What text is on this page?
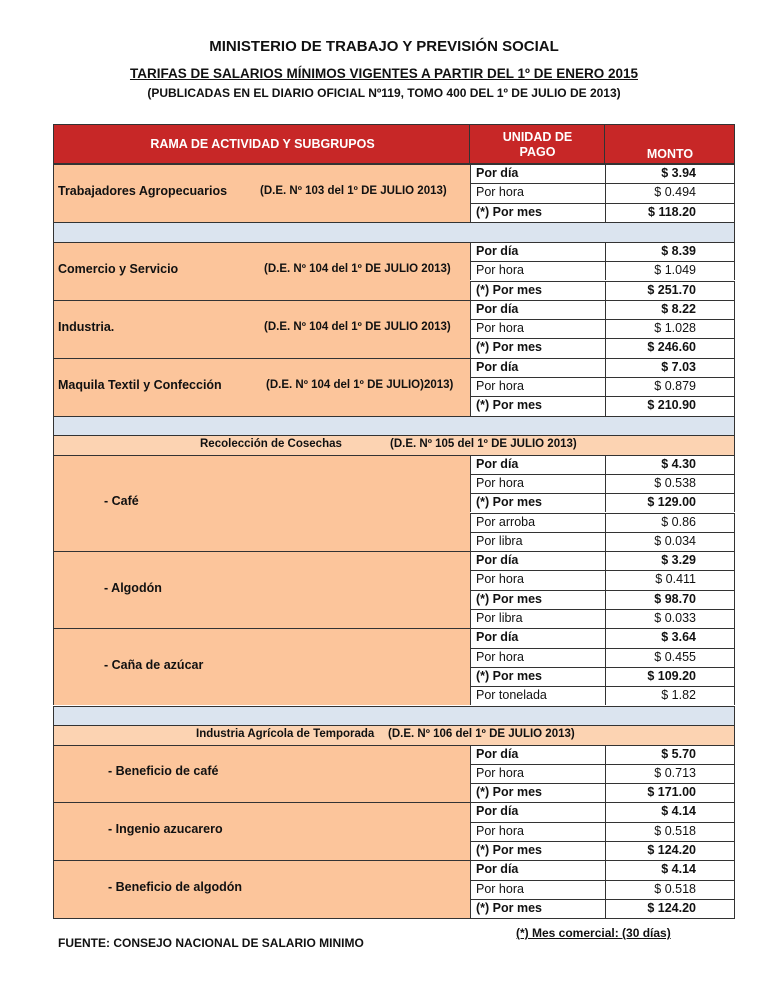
MINISTERIO DE TRABAJO Y PREVISIÓN SOCIAL
TARIFAS DE SALARIOS MÍNIMOS VIGENTES A PARTIR DEL 1º DE ENERO 2015
(PUBLICADAS EN EL DIARIO OFICIAL Nº119, TOMO 400 DEL 1º DE JULIO DE 2013)
RAMA DE ACTIVIDAD Y SUBGRUPOS	UNIDAD DE PAGO	MONTO
Trabajadores Agropecuarios	(D.E. Nº 103 del 1º DE JULIO 2013)
Por día	$ 3.94
Por hora	$ 0.494
(*) Por mes	$ 118.20
Comercio y Servicio	(D.E. Nº 104 del 1º DE JULIO 2013)
Por día	$ 8.39
Por hora	$ 1.049
(*) Por mes	$ 251.70
Industria.	(D.E. Nº 104 del 1º DE JULIO 2013)
Por día	$ 8.22
Por hora	$ 1.028
(*) Por mes	$ 246.60
Maquila Textil y Confección	(D.E. Nº 104 del 1º DE JULIO)2013)
Por día	$ 7.03
Por hora	$ 0.879
(*) Por mes	$ 210.90
Recolección de Cosechas	(D.E. Nº 105 del 1º DE JULIO 2013)
- Café
Por día	$ 4.30
Por hora	$ 0.538
(*) Por mes	$ 129.00
Por arroba	$ 0.86
Por libra	$ 0.034
- Algodón
Por día	$ 3.29
Por hora	$ 0.411
(*) Por mes	$ 98.70
Por libra	$ 0.033
- Caña de azúcar
Por día	$ 3.64
Por hora	$ 0.455
(*) Por mes	$ 109.20
Por tonelada	$ 1.82
Industria Agrícola de Temporada (D.E. Nº 106 del 1º DE JULIO 2013)
- Beneficio de café
Por día	$ 5.70
Por hora	$ 0.713
(*) Por mes	$ 171.00
- Ingenio azucarero
Por día	$ 4.14
Por hora	$ 0.518
(*) Por mes	$ 124.20
- Beneficio de algodón
Por día	$ 4.14
Por hora	$ 0.518
(*) Por mes	$ 124.20
FUENTE: CONSEJO NACIONAL DE SALARIO MINIMO
(*) Mes comercial: (30 días)
